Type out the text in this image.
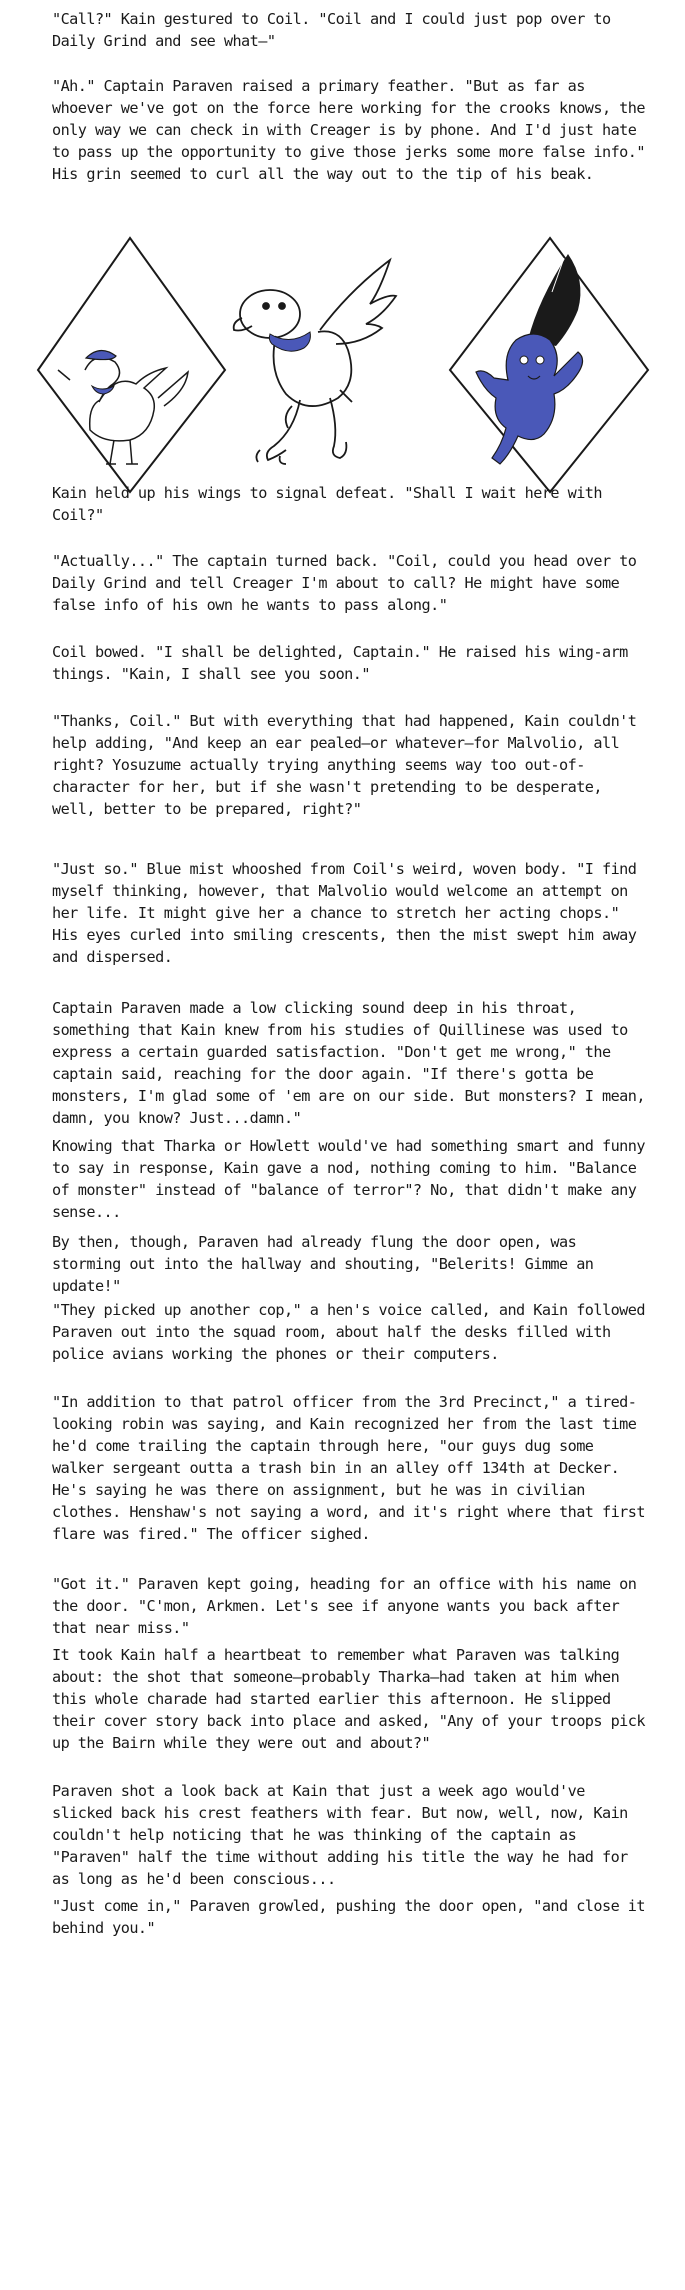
"Call?" Kain gestured to Coil. "Coil and I could just pop over to Daily Grind and see what—"

"Ah." Captain Paraven raised a primary feather. "But as far as whoever we've got on the force here working for the crooks knows, the only way we can check in with Creager is by phone. And I'd just hate to pass up the opportunity to give those jerks some more false info." His grin seemed to curl all the way out to the tip of his beak.

Kain held up his wings to signal defeat. "Shall I wait here with Coil?"

"Actually..." The captain turned back. "Coil, could you head over to Daily Grind and tell Creager I'm about to call? He might have some false info of his own he wants to pass along."

Coil bowed. "I shall be delighted, Captain." He raised his wing-arm things. "Kain, I shall see you soon."

"Thanks, Coil." But with everything that had happened, Kain couldn't help adding, "And keep an ear pealed—or whatever—for Malvolio, all right? Yosuzume actually trying anything seems way too out-of-character for her, but if she wasn't pretending to be desperate, well, better to be prepared, right?"

"Just so." Blue mist whooshed from Coil's weird, woven body. "I find myself thinking, however, that Malvolio would welcome an attempt on her life. It might give her a chance to stretch her acting chops." His eyes curled into smiling crescents, then the mist swept him away and dispersed.

Captain Paraven made a low clicking sound deep in his throat, something that Kain knew from his studies of Quillinese was used to express a certain guarded satisfaction. "Don't get me wrong," the captain said, reaching for the door again. "If there's gotta be monsters, I'm glad some of 'em are on our side. But monsters? I mean, damn, you know? Just...damn."

Knowing that Tharka or Howlett would've had something smart and funny to say in response, Kain gave a nod, nothing coming to him. "Balance of monster" instead of "balance of terror"? No, that didn't make any sense...

By then, though, Paraven had already flung the door open, was storming out into the hallway and shouting, "Belerits! Gimme an update!"

"They picked up another cop," a hen's voice called, and Kain followed Paraven out into the squad room, about half the desks filled with police avians working the phones or their computers.

"In addition to that patrol officer from the 3rd Precinct," a tired-looking robin was saying, and Kain recognized her from the last time he'd come trailing the captain through here, "our guys dug some walker sergeant outta a trash bin in an alley off 134th at Decker. He's saying he was there on assignment, but he was in civilian clothes. Henshaw's not saying a word, and it's right where that first flare was fired." The officer sighed.

"Got it." Paraven kept going, heading for an office with his name on the door. "C'mon, Arkmen. Let's see if anyone wants you back after that near miss."

It took Kain half a heartbeat to remember what Paraven was talking about: the shot that someone—probably Tharka—had taken at him when this whole charade had started earlier this afternoon. He slipped their cover story back into place and asked, "Any of your troops pick up the Bairn while they were out and about?"

Paraven shot a look back at Kain that just a week ago would've slicked back his crest feathers with fear. But now, well, now, Kain couldn't help noticing that he was thinking of the captain as "Paraven" half the time without adding his title the way he had for as long as he'd been conscious...

"Just come in," Paraven growled, pushing the door open, "and close it behind you."
